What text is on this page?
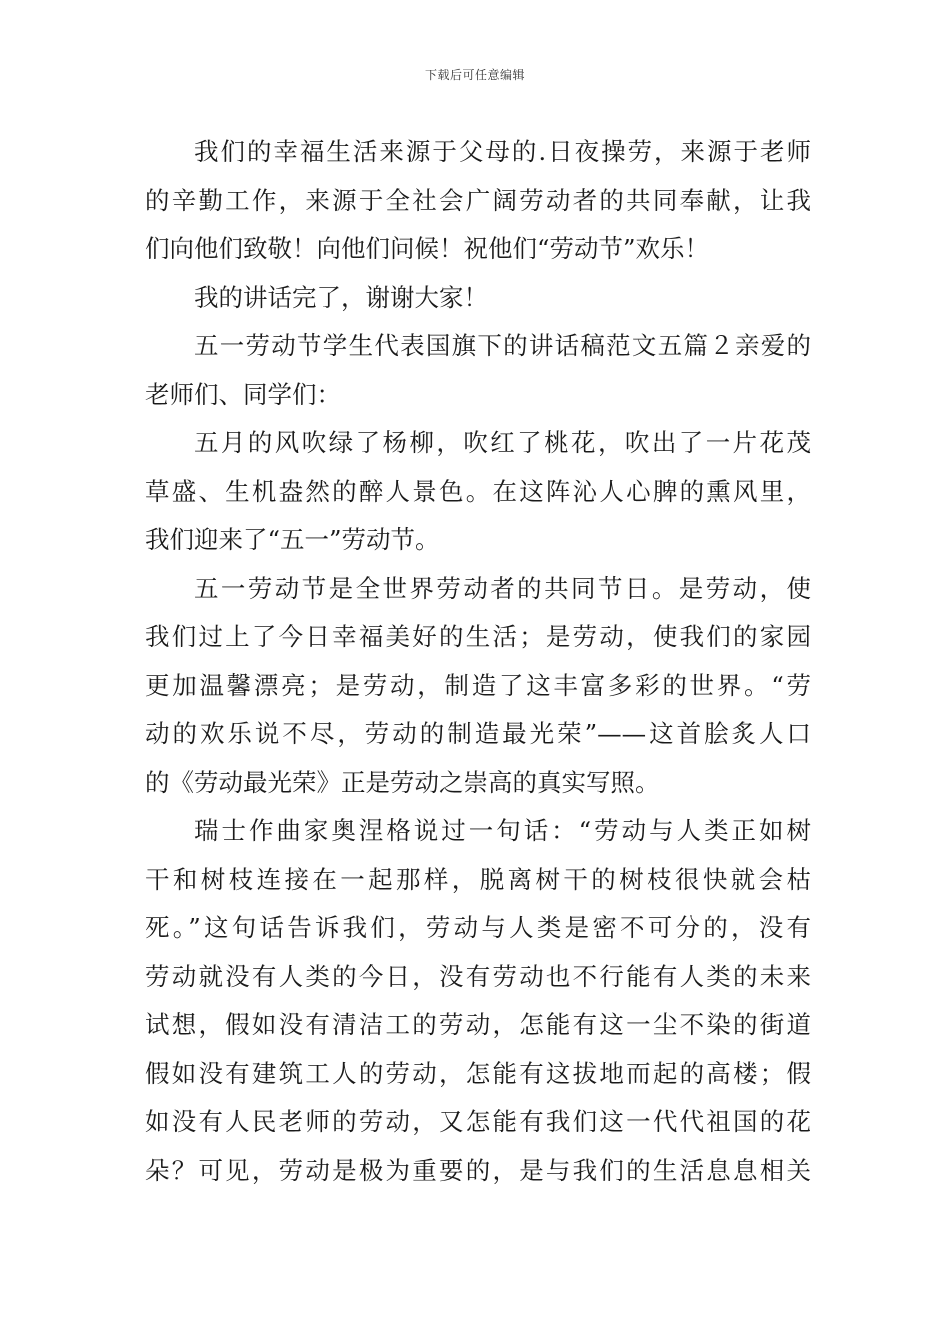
下载后可任意编辑
我们的幸福生活来源于父母的.日夜操劳，来源于老师
的辛勤工作，来源于全社会广阔劳动者的共同奉献，让我
们向他们致敬！向他们问候！祝他们“劳动节”欢乐！
我的讲话完了，谢谢大家！
五一劳动节学生代表国旗下的讲话稿范文五篇２亲爱的
老师们、同学们：
五月的风吹绿了杨柳，吹红了桃花，吹出了一片花茂
草盛、生机盎然的醉人景色。在这阵沁人心脾的熏风里，
我们迎来了“五一”劳动节。
五一劳动节是全世界劳动者的共同节日。是劳动，使
我们过上了今日幸福美好的生活；是劳动，使我们的家园
更加温馨漂亮；是劳动，制造了这丰富多彩的世界。“劳
动的欢乐说不尽，劳动的制造最光荣”——这首脍炙人口
的《劳动最光荣》正是劳动之崇高的真实写照。
瑞士作曲家奥涅格说过一句话：“劳动与人类正如树
干和树枝连接在一起那样，脱离树干的树枝很快就会枯
死。”这句话告诉我们，劳动与人类是密不可分的，没有
劳动就没有人类的今日，没有劳动也不行能有人类的未来
试想，假如没有清洁工的劳动，怎能有这一尘不染的街道
假如没有建筑工人的劳动，怎能有这拔地而起的高楼；假
如没有人民老师的劳动，又怎能有我们这一代代祖国的花
朵？可见，劳动是极为重要的，是与我们的生活息息相关
